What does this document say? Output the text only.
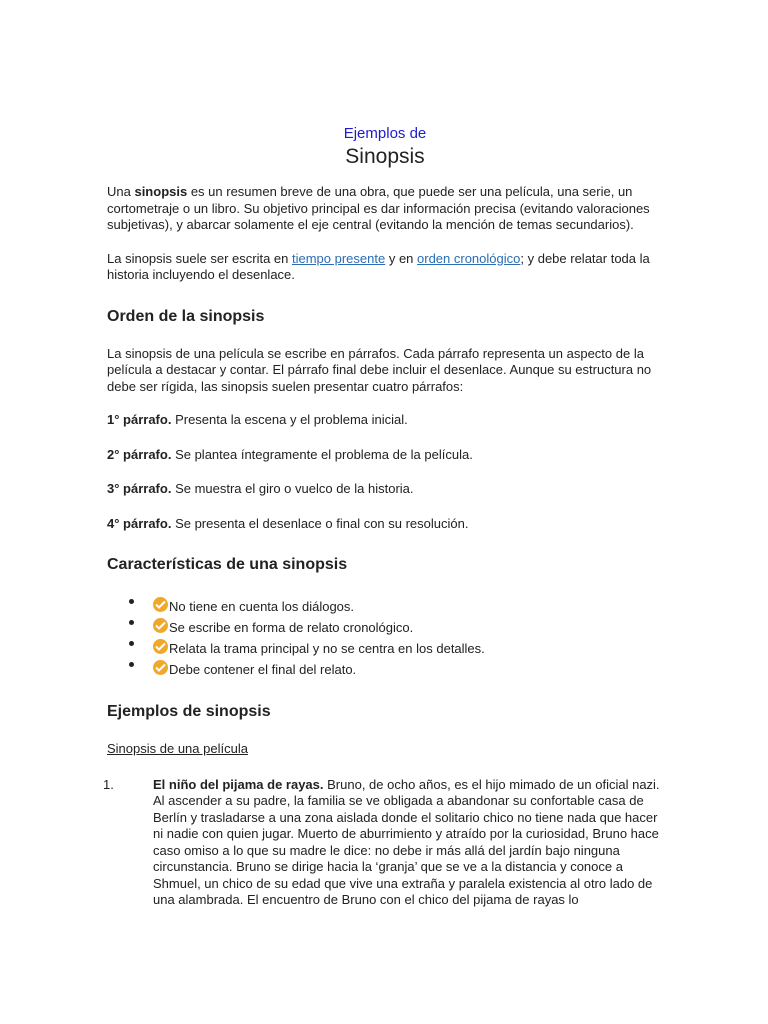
Ejemplos de
Sinopsis

Una sinopsis es un resumen breve de una obra, que puede ser una película, una serie, un cortometraje o un libro. Su objetivo principal es dar información precisa (evitando valoraciones subjetivas), y abarcar solamente el eje central (evitando la mención de temas secundarios).

La sinopsis suele ser escrita en tiempo presente y en orden cronológico; y debe relatar toda la historia incluyendo el desenlace.

Orden de la sinopsis

La sinopsis de una película se escribe en párrafos. Cada párrafo representa un aspecto de la película a destacar y contar. El párrafo final debe incluir el desenlace. Aunque su estructura no debe ser rígida, las sinopsis suelen presentar cuatro párrafos:

1° párrafo. Presenta la escena y el problema inicial.

2° párrafo. Se plantea íntegramente el problema de la película.

3° párrafo. Se muestra el giro o vuelco de la historia.

4° párrafo. Se presenta el desenlace o final con su resolución.

Características de una sinopsis
No tiene en cuenta los diálogos.
Se escribe en forma de relato cronológico.
Relata la trama principal y no se centra en los detalles.
Debe contener el final del relato.
Ejemplos de sinopsis

Sinopsis de una película

1.	El niño del pijama de rayas. Bruno, de ocho años, es el hijo mimado de un oficial nazi. Al ascender a su padre, la familia se ve obligada a abandonar su confortable casa de Berlín y trasladarse a una zona aislada donde el solitario chico no tiene nada que hacer ni nadie con quien jugar. Muerto de aburrimiento y atraído por la curiosidad, Bruno hace caso omiso a lo que su madre le dice: no debe ir más allá del jardín bajo ninguna circunstancia. Bruno se dirige hacia la ‘granja’ que se ve a la distancia y conoce a Shmuel, un chico de su edad que vive una extraña y paralela existencia al otro lado de una alambrada. El encuentro de Bruno con el chico del pijama de rayas lo
